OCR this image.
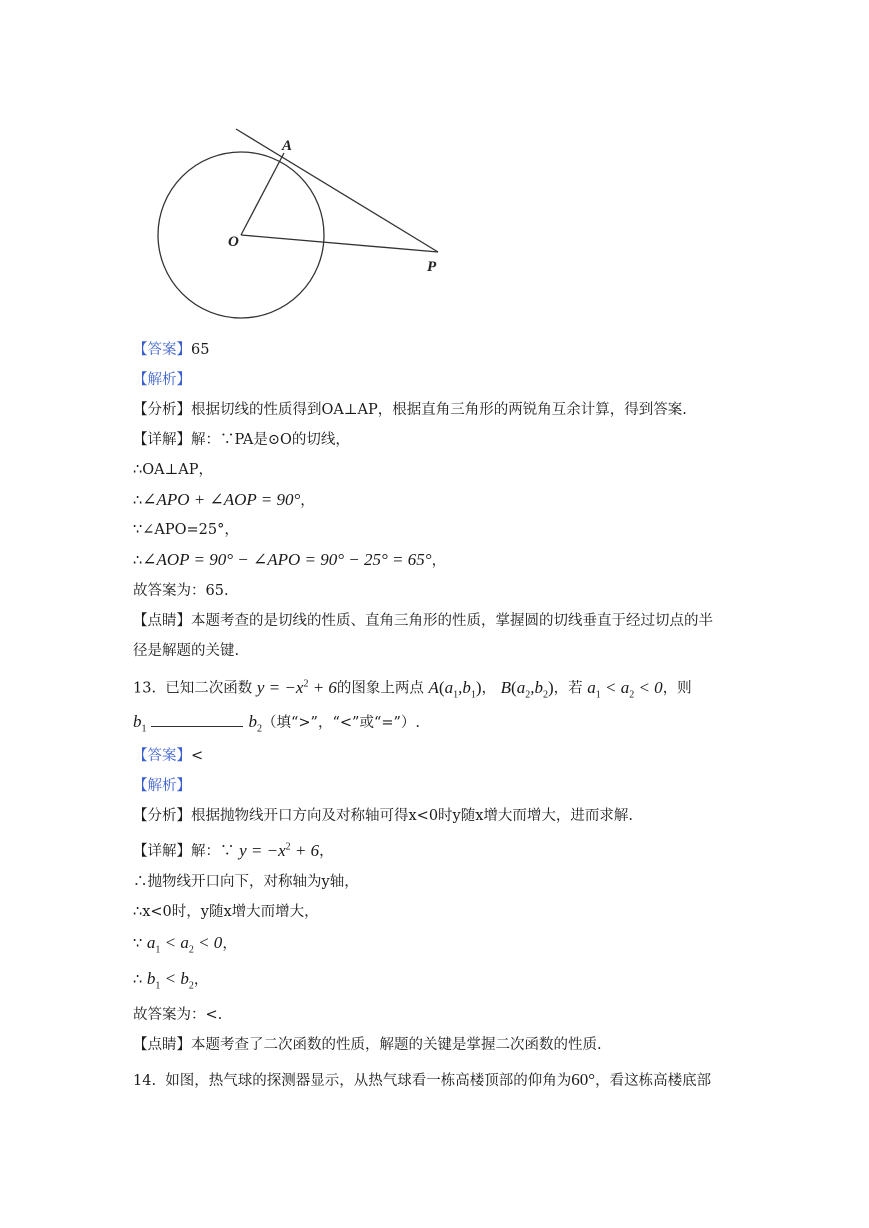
A
O
P
【答案】65
【解析】
【分析】根据切线的性质得到OA⊥AP，根据直角三角形的两锐角互余计算，得到答案.
【详解】解：∵PA是⊙O的切线，
∴OA⊥AP，
∴∠APO + ∠AOP = 90°，
∵∠APO=25°，
∴∠AOP = 90° − ∠APO = 90° − 25° = 65°，
故答案为：65.
【点睛】本题考查的是切线的性质、直角三角形的性质，掌握圆的切线垂直于经过切点的半
径是解题的关键.
13. 已知二次函数 $y = -x^2 + 6$的图象上两点 $A(a_1,b_1)$， $B(a_2,b_2)$，若 $a_1 < a_2 < 0$，则
$b_1$	$b_2$（填“>”，“<”或“=”）.
【答案】<
【解析】
【分析】根据抛物线开口方向及对称轴可得x<0时y随x增大而增大，进而求解.
【详解】解：∵ $y = -x^2 + 6$，
∴抛物线开口向下，对称轴为y轴，
∴x<0时，y随x增大而增大，
∵ $a_1 < a_2 < 0$，
∴ $b_1 < b_2$，
故答案为：<.
【点睛】本题考查了二次函数的性质，解题的关键是掌握二次函数的性质.
14. 如图，热气球的探测器显示，从热气球看一栋高楼顶部的仰角为60°，看这栋高楼底部
